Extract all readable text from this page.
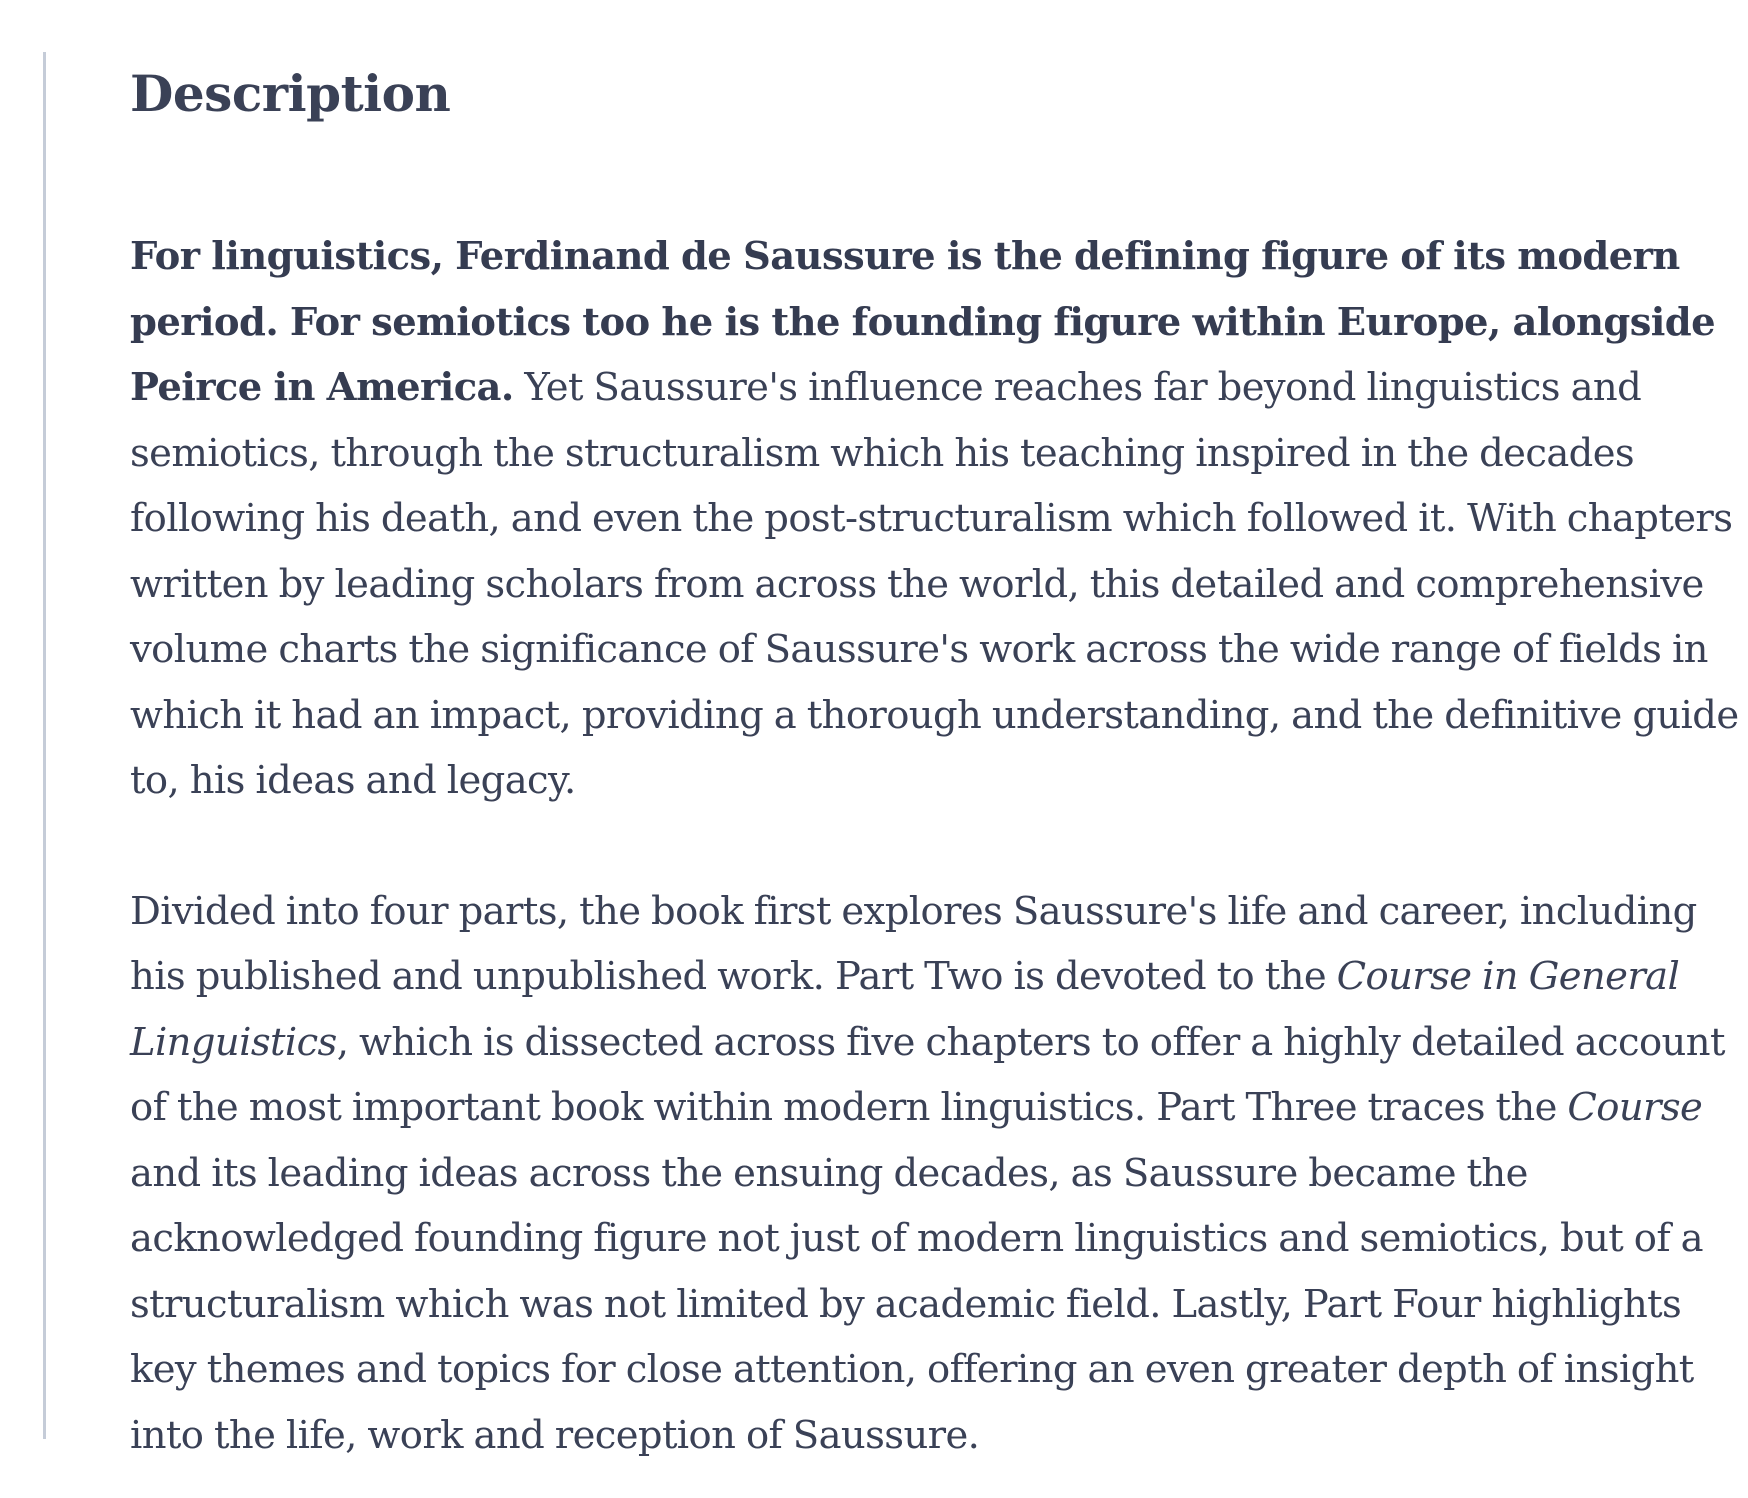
Description

For linguistics, Ferdinand de Saussure is the defining figure of its modern period. For semiotics too he is the founding figure within Europe, alongside Peirce in America. Yet Saussure's influence reaches far beyond linguistics and semiotics, through the structuralism which his teaching inspired in the decades following his death, and even the post-structuralism which followed it. With chapters written by leading scholars from across the world, this detailed and comprehensive volume charts the significance of Saussure's work across the wide range of fields in which it had an impact, providing a thorough understanding, and the definitive guide to, his ideas and legacy.

Divided into four parts, the book first explores Saussure's life and career, including his published and unpublished work. Part Two is devoted to the Course in General Linguistics, which is dissected across five chapters to offer a highly detailed account of the most important book within modern linguistics. Part Three traces the Course and its leading ideas across the ensuing decades, as Saussure became the acknowledged founding figure not just of modern linguistics and semiotics, but of a structuralism which was not limited by academic field. Lastly, Part Four highlights key themes and topics for close attention, offering an even greater depth of insight into the life, work and reception of Saussure.
